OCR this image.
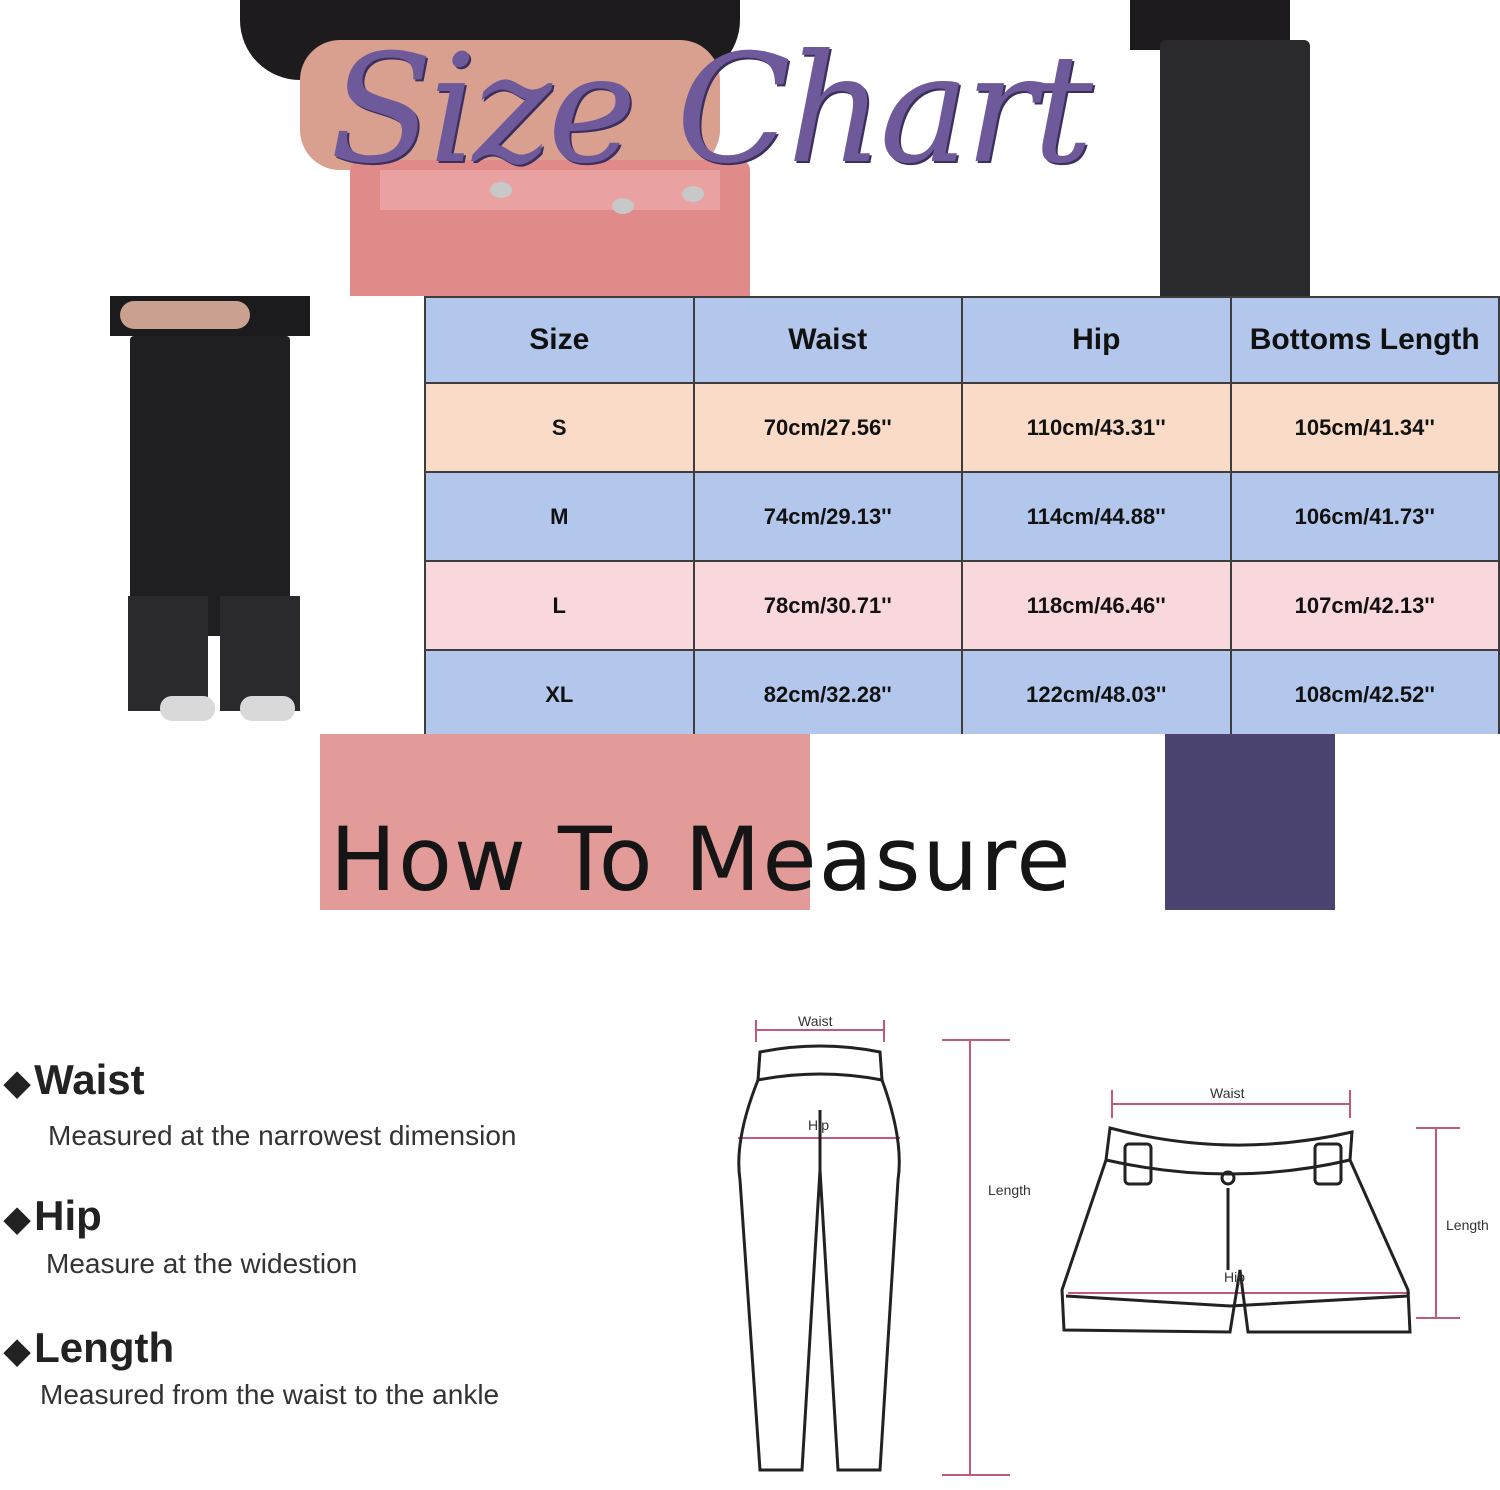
Size Chart
Size	Waist	Hip	Bottoms Length
S	70cm/27.56''	110cm/43.31''	105cm/41.34''
M	74cm/29.13''	114cm/44.88''	106cm/41.73''
L	78cm/30.71''	118cm/46.46''	107cm/42.13''
XL	82cm/32.28''	122cm/48.03''	108cm/42.52''
How To Measure
◆Waist
Measured at the narrowest dimension
◆Hip
Measure at the widestion
◆Length
Measured from the waist to the ankle
Waist
Hip
Length
Waist
Hip
Length
